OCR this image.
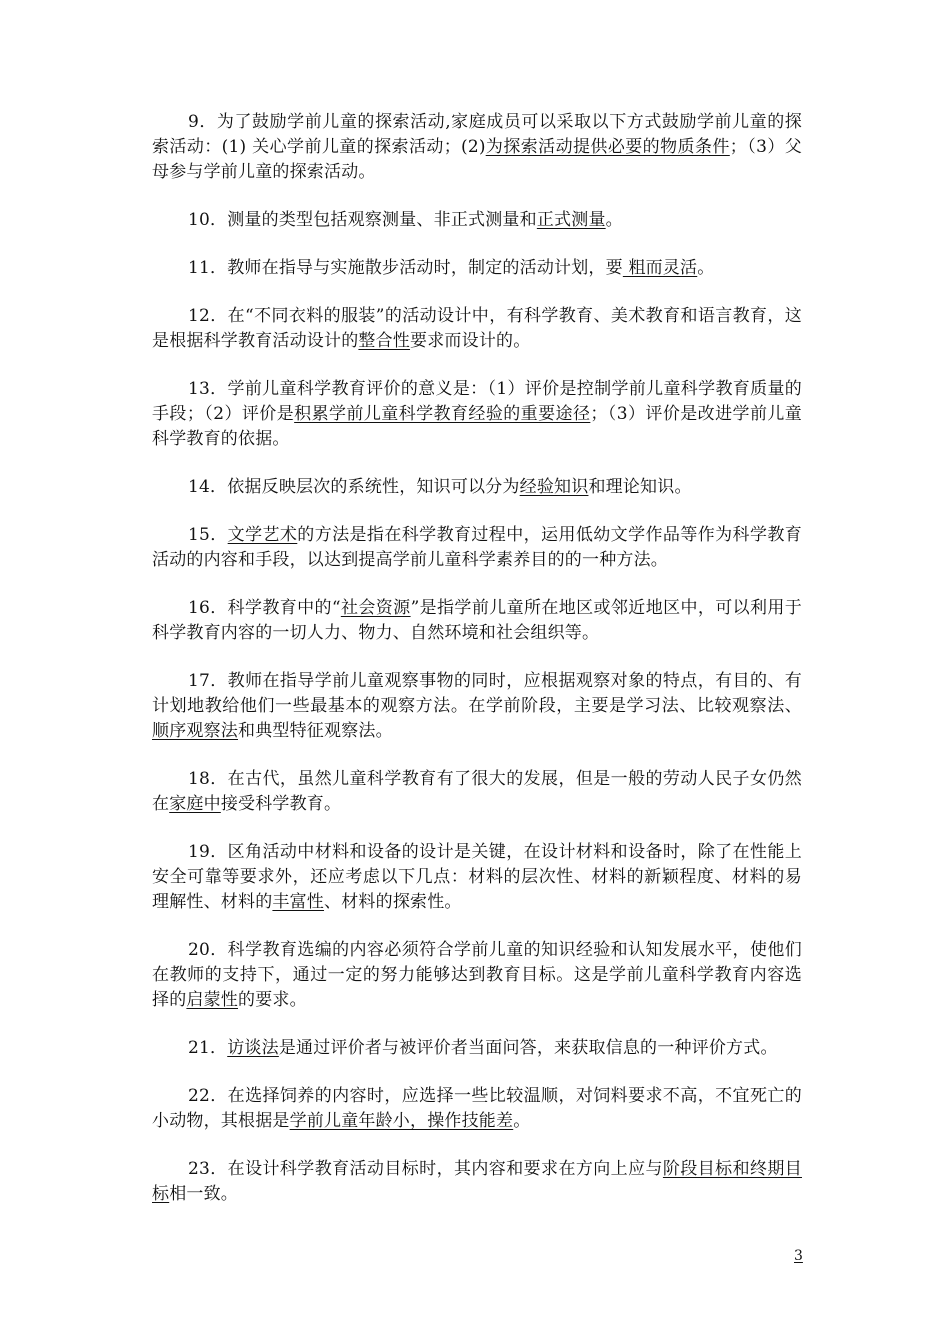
9．为了鼓励学前儿童的探索活动,家庭成员可以采取以下方式鼓励学前儿童的探索活动：(1) 关心学前儿童的探索活动；(2)为探索活动提供必要的物质条件；（3）父母参与学前儿童的探索活动。

10．测量的类型包括观察测量、非正式测量和正式测量。

11．教师在指导与实施散步活动时，制定的活动计划，要 粗而灵活。

12．在“不同衣料的服装”的活动设计中，有科学教育、美术教育和语言教育，这是根据科学教育活动设计的整合性要求而设计的。

13．学前儿童科学教育评价的意义是：（1）评价是控制学前儿童科学教育质量的手段；（2）评价是积累学前儿童科学教育经验的重要途径；（3）评价是改进学前儿童科学教育的依据。

14．依据反映层次的系统性，知识可以分为经验知识和理论知识。

15．文学艺术的方法是指在科学教育过程中，运用低幼文学作品等作为科学教育活动的内容和手段，以达到提高学前儿童科学素养目的的一种方法。

16．科学教育中的“社会资源”是指学前儿童所在地区或邻近地区中，可以利用于科学教育内容的一切人力、物力、自然环境和社会组织等。

17．教师在指导学前儿童观察事物的同时，应根据观察对象的特点，有目的、有计划地教给他们一些最基本的观察方法。在学前阶段，主要是学习法、比较观察法、顺序观察法和典型特征观察法。

18．在古代，虽然儿童科学教育有了很大的发展，但是一般的劳动人民子女仍然在家庭中接受科学教育。

19．区角活动中材料和设备的设计是关键，在设计材料和设备时，除了在性能上安全可靠等要求外，还应考虑以下几点：材料的层次性、材料的新颖程度、材料的易理解性、材料的丰富性、材料的探索性。

20．科学教育选编的内容必须符合学前儿童的知识经验和认知发展水平，使他们在教师的支持下，通过一定的努力能够达到教育目标。这是学前儿童科学教育内容选择的启蒙性的要求。

21．访谈法是通过评价者与被评价者当面问答，来获取信息的一种评价方式。

22．在选择饲养的内容时，应选择一些比较温顺，对饲料要求不高，不宜死亡的小动物，其根据是学前儿童年龄小，操作技能差。

23．在设计科学教育活动目标时，其内容和要求在方向上应与阶段目标和终期目标相一致。

3
